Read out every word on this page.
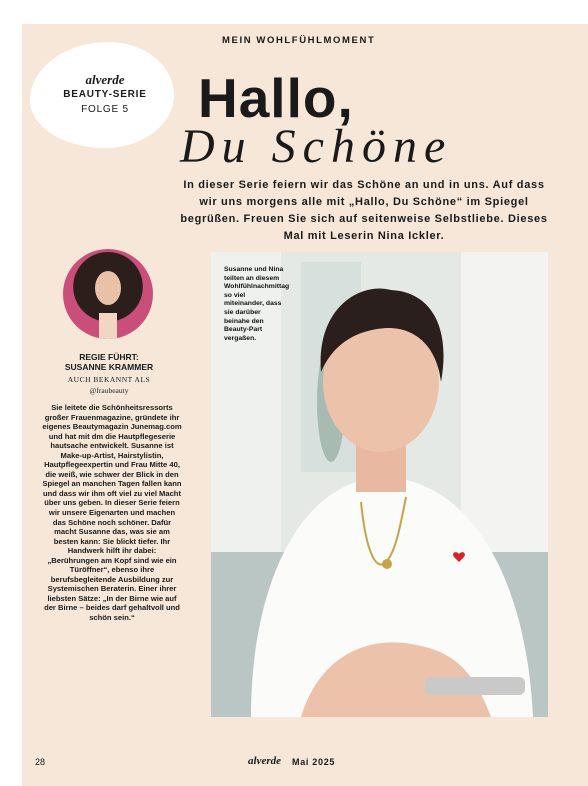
MEIN WOHLFÜHLMOMENT
alverde
BEAUTY-SERIE
FOLGE 5	Hallo,
Du Schöne
In dieser Serie feiern wir das Schöne an und in uns. Auf dass wir uns morgens alle mit „Hallo, Du Schöne“ im Spiegel begrüßen. Freuen Sie sich auf seitenweise Selbstliebe. Dieses Mal mit Leserin Nina Ickler.
REGIE FÜHRT:
SUSANNE KRAMMER
AUCH BEKANNT ALS
@fraubeauty
Sie leitete die Schönheitsressorts großer Frauenmagazine, gründete ihr eigenes Beautymagazin Junemag.com und hat mit dm die Hautpflegeserie hautsache entwickelt. Susanne ist Make-up-Artist, Hairstylistin, Hautpflegeexpertin und Frau Mitte 40, die weiß, wie schwer der Blick in den Spiegel an manchen Tagen fallen kann und dass wir ihm oft viel zu viel Macht über uns geben. In dieser Serie feiern wir unsere Eigenarten und machen das Schöne noch schöner. Dafür macht Susanne das, was sie am besten kann: Sie blickt tiefer. Ihr Handwerk hilft ihr dabei: „Berührungen am Kopf sind wie ein Türöffner“, ebenso ihre berufsbegleitende Ausbildung zur Systemischen Beraterin. Einer ihrer liebsten Sätze: „In der Birne wie auf der Birne – beides darf gehaltvoll und schön sein.“
Susanne und Nina teilten an diesem Wohlfühlnachmittag so viel miteinander, dass sie darüber beinahe den Beauty-Part vergaßen.
28	alverde Mai 2025
